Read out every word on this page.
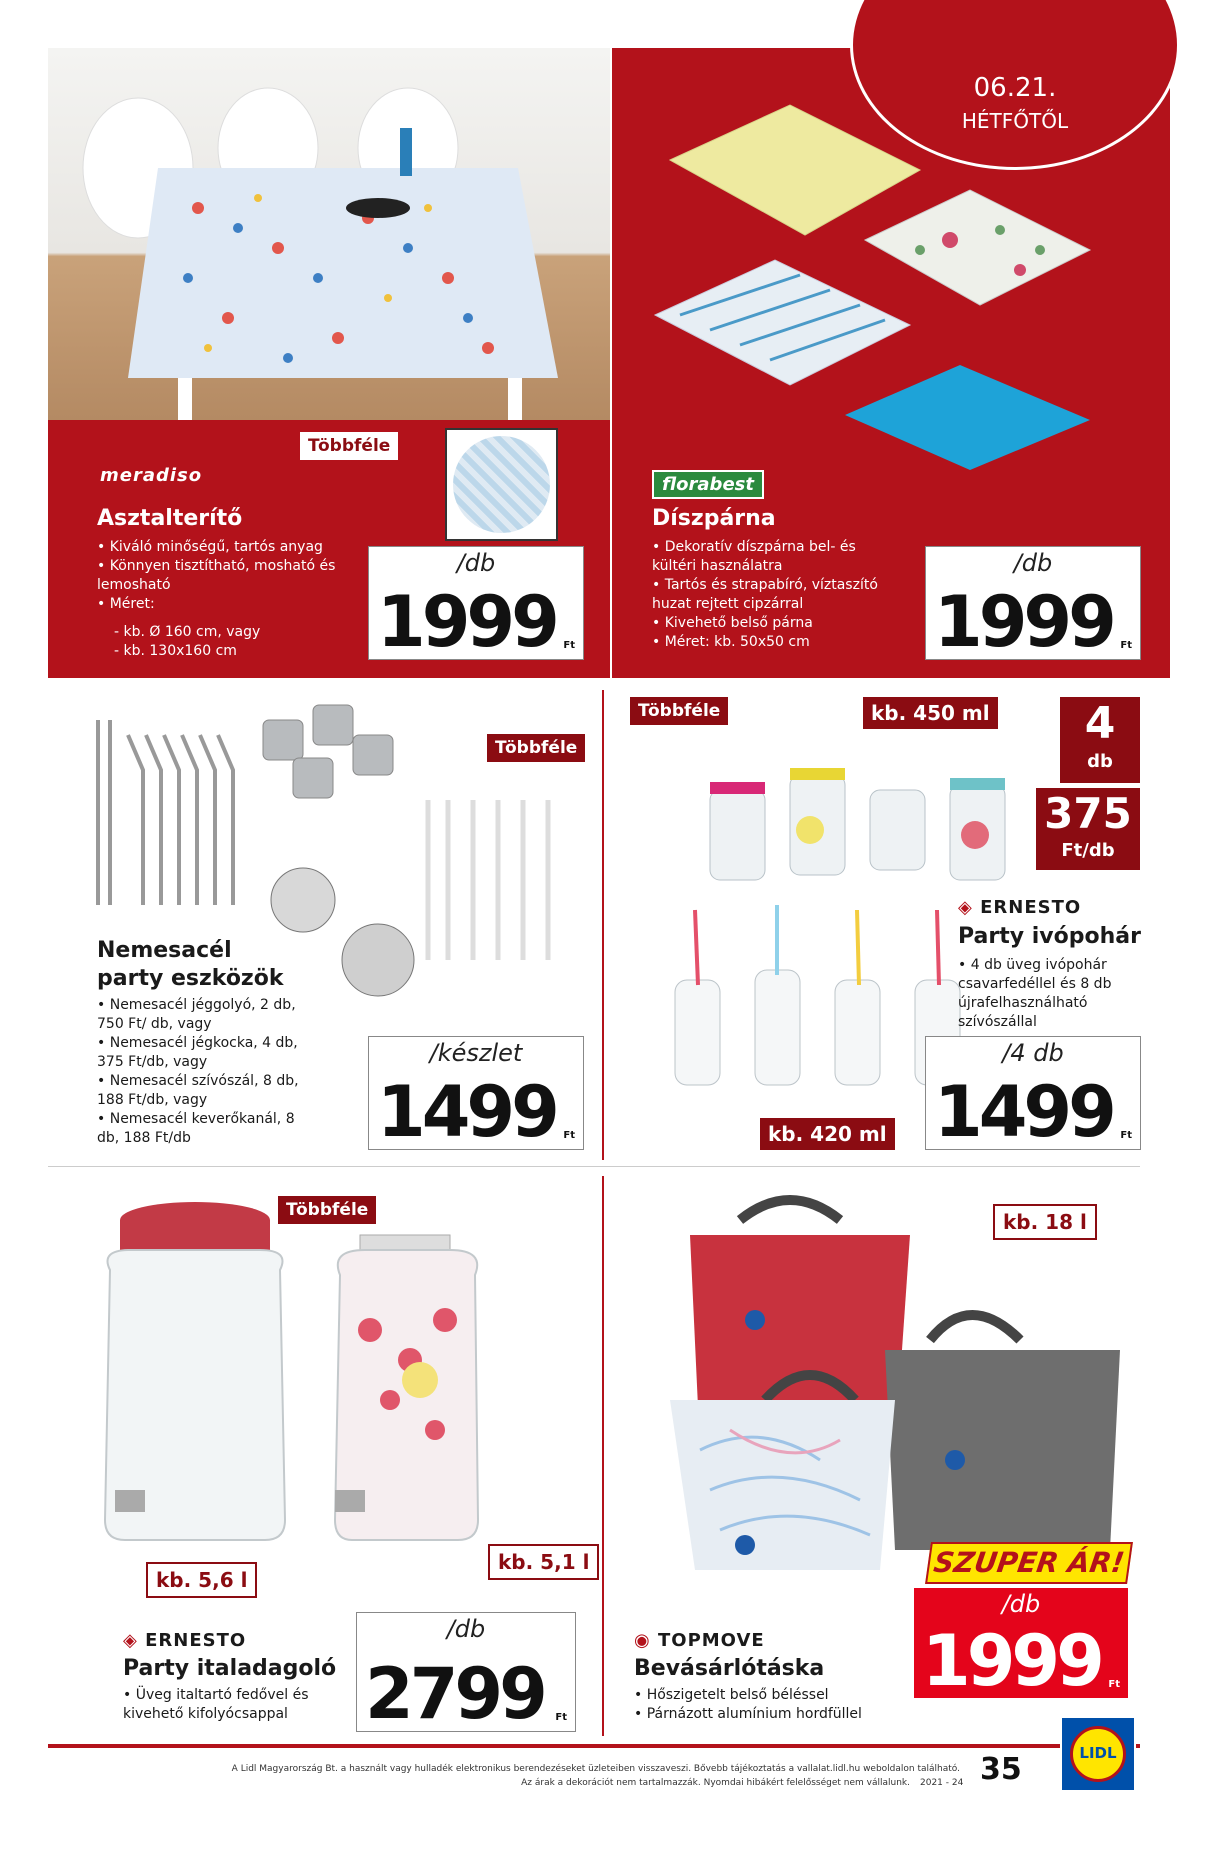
06.21.
HÉTFŐTŐL
Többféle
meradiso
Asztalterítő
• Kiváló minőségű, tartós anyag
• Könnyen tisztítható, mosható és lemosható
• Méret:
- kb. Ø 160 cm, vagy
- kb. 130x160 cm
/db
1999 Ft
florabest
Díszpárna
• Dekoratív díszpárna bel- és kültéri használatra
• Tartós és strapabíró, víztaszító huzat rejtett cipzárral
• Kivehető belső párna
• Méret: kb. 50x50 cm
/db
1999 Ft
Többféle
Nemesacél
party eszközök
• Nemesacél jéggolyó, 2 db, 750 Ft/ db, vagy
• Nemesacél jégkocka, 4 db, 375 Ft/db, vagy
• Nemesacél szívószál, 8 db, 188 Ft/db, vagy
• Nemesacél keverőkanál, 8 db, 188 Ft/db
/készlet
1499 Ft
Többféle	kb. 450 ml	4
db
375
Ft/db
◈ ERNESTO
Party ivópohár
• 4 db üveg ivópohár csavarfedéllel és 8 db újrafelhasználható szívószállal
kb. 420 ml
/4 db
1499 Ft
Többféle
kb. 5,6 l
kb. 5,1 l
◈ ERNESTO
Party italadagoló
• Üveg italtartó fedővel és kivehető kifolyócsappal
/db
2799 Ft
kb. 18 l
SZUPER ÁR!
/db
1999 Ft
◉ TOPMOVE
Bevásárlótáska
• Hőszigetelt belső béléssel
• Párnázott alumínium hordfüllel
A Lidl Magyarország Bt. a használt vagy hulladék elektronikus berendezéseket üzleteiben visszaveszi. Bővebb tájékoztatás a vallalat.lidl.hu weboldalon található.
Az árak a dekorációt nem tartalmazzák. Nyomdai hibákért felelősséget nem vállalunk. 2021 - 24 35	LIDL
